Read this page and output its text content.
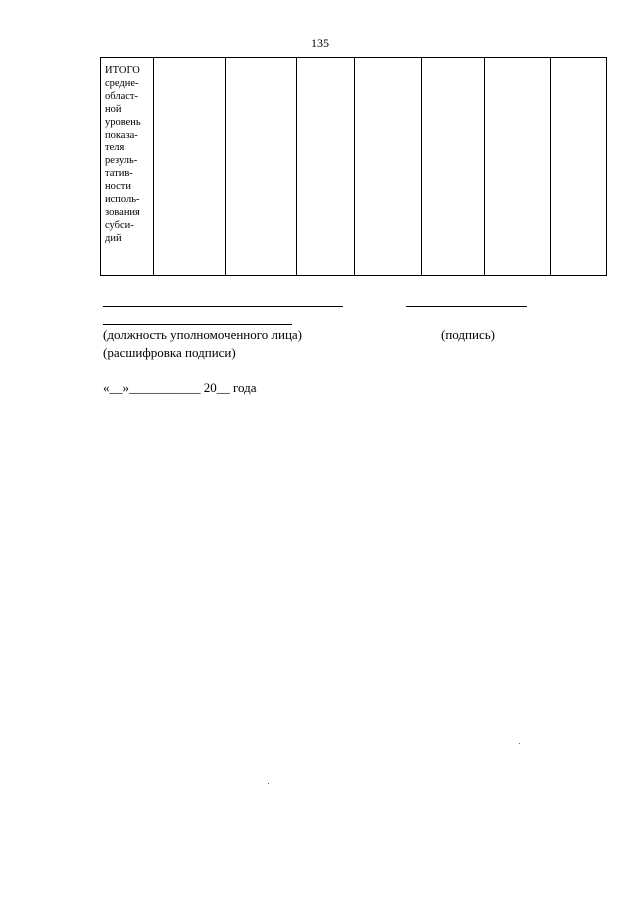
135
ИТОГО
средне-
област-
ной
уровень
показа-
теля
резуль-
татив-
ности
исполь-
зования
субси-
дий

(должность уполномоченного лица)	(подпись)
(расшифровка подписи)
«__»___________ 20__ года
